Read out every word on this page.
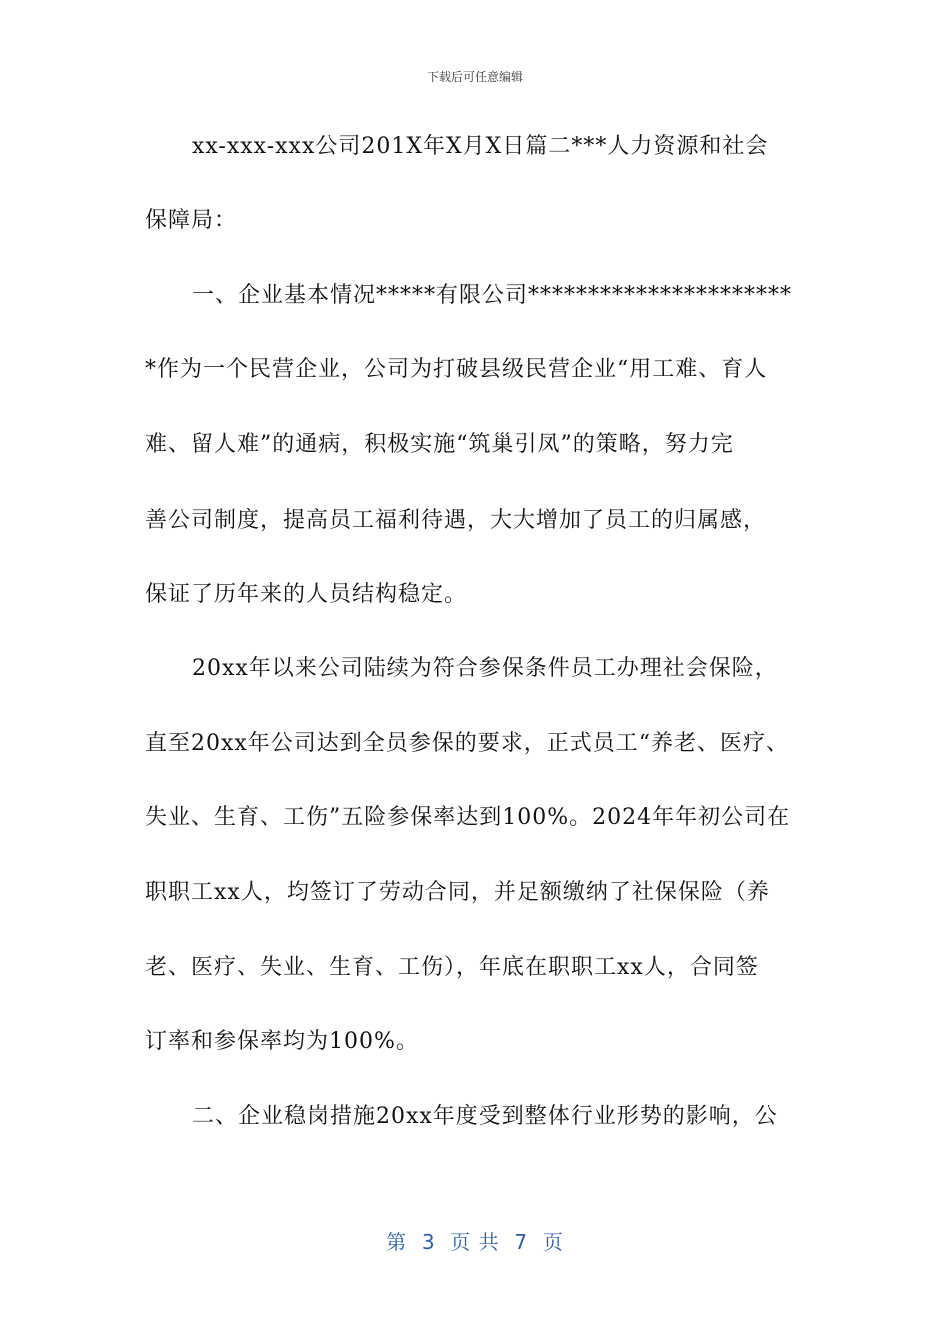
下载后可任意编辑
xx-xxx-xxx公司201X年X月X日篇二***人力资源和社会
保障局：
一、企业基本情况*****有限公司**********************
*作为一个民营企业，公司为打破县级民营企业“用工难、育人
难、留人难”的通病，积极实施“筑巢引凤”的策略，努力完
善公司制度，提高员工福利待遇，大大增加了员工的归属感，
保证了历年来的人员结构稳定。
20xx年以来公司陆续为符合参保条件员工办理社会保险，
直至20xx年公司达到全员参保的要求，正式员工“养老、医疗、
失业、生育、工伤”五险参保率达到100%。2024年年初公司在
职职工xx人，均签订了劳动合同，并足额缴纳了社保保险（养
老、医疗、失业、生育、工伤），年底在职职工xx人，合同签
订率和参保率均为100%。
二、企业稳岗措施20xx年度受到整体行业形势的影响，公
第  3  页 共  7  页
